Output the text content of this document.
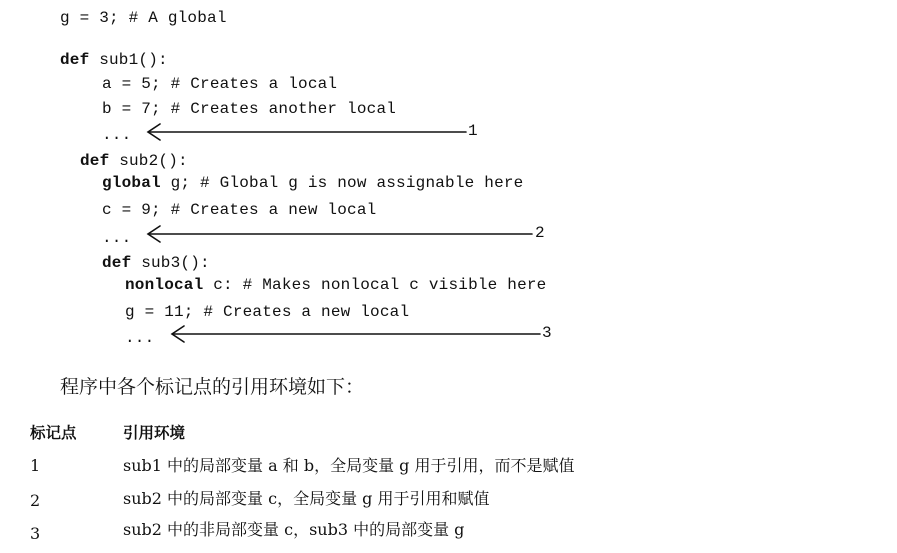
g = 3; # A global
def sub1():
a = 5; # Creates a local
b = 7; # Creates another local
...
def sub2():
global g; # Global g is now assignable here
c = 9; # Creates a new local
...
def sub3():
nonlocal c: # Makes nonlocal c visible here
g = 11; # Creates a new local
...
1
2
3
程序中各个标记点的引用环境如下：
标记点	引用环境
1	sub1 中的局部变量 a 和 b，全局变量 g 用于引用，而不是赋值
2	sub2 中的局部变量 c，全局变量 g 用于引用和赋值
3	sub2 中的非局部变量 c，sub3 中的局部变量 g
